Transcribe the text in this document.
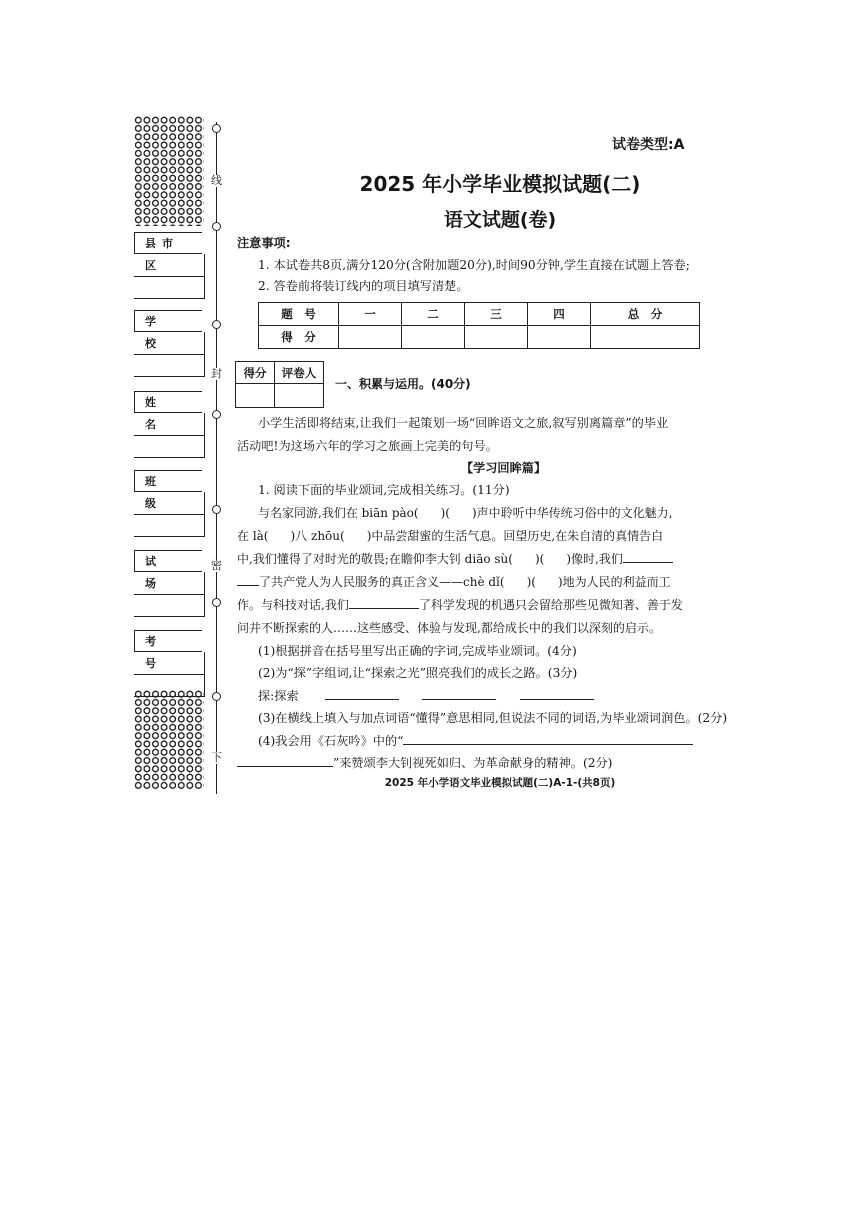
线
封
密
下
县市区
学校
姓名
班级
试场
考号
试卷类型:A
2025 年小学毕业模拟试题(二)
语文试题(卷)
注意事项:
1. 本试卷共8页,满分120分(含附加题20分),时间90分钟,学生直接在试题上答卷;
2. 答卷前将装订线内的项目填写清楚。
题　号	一	二	三	四	总　分
得　分					
得分	评卷人

一、积累与运用。(40分)
小学生活即将结束,让我们一起策划一场“回眸语文之旅,叙写别离篇章”的毕业
活动吧!为这场六年的学习之旅画上完美的句号。
【学习回眸篇】
1. 阅读下面的毕业颂词,完成相关练习。(11分)
与名家同游,我们在 biān pào( )( )声中聆听中华传统习俗中的文化魅力,
在 là( )八 zhōu( )中品尝甜蜜的生活气息。回望历史,在朱自清的真情告白
中,我们懂得了对时光的敬畏;在瞻仰李大钊 diāo sù( )( )像时,我们
了共产党人为人民服务的真正含义——chè dǐ( )( )地为人民的利益而工
作。与科技对话,我们	了科学发现的机遇只会留给那些见微知著、善于发
问并不断探索的人……这些感受、体验与发现,都给成长中的我们以深刻的启示。
(1)根据拼音在括号里写出正确的字词,完成毕业颂词。(4分)
(2)为“探”字组词,让“探索之光”照亮我们的成长之路。(3分)
探:探索
(3)在横线上填入与加点词语“懂得”意思相同,但说法不同的词语,为毕业颂词润色。(2分)
(4)我会用《石灰吟》中的“
”来赞颂李大钊视死如归、为革命献身的精神。(2分)
2025 年小学语文毕业模拟试题(二)A-1-(共8页)
